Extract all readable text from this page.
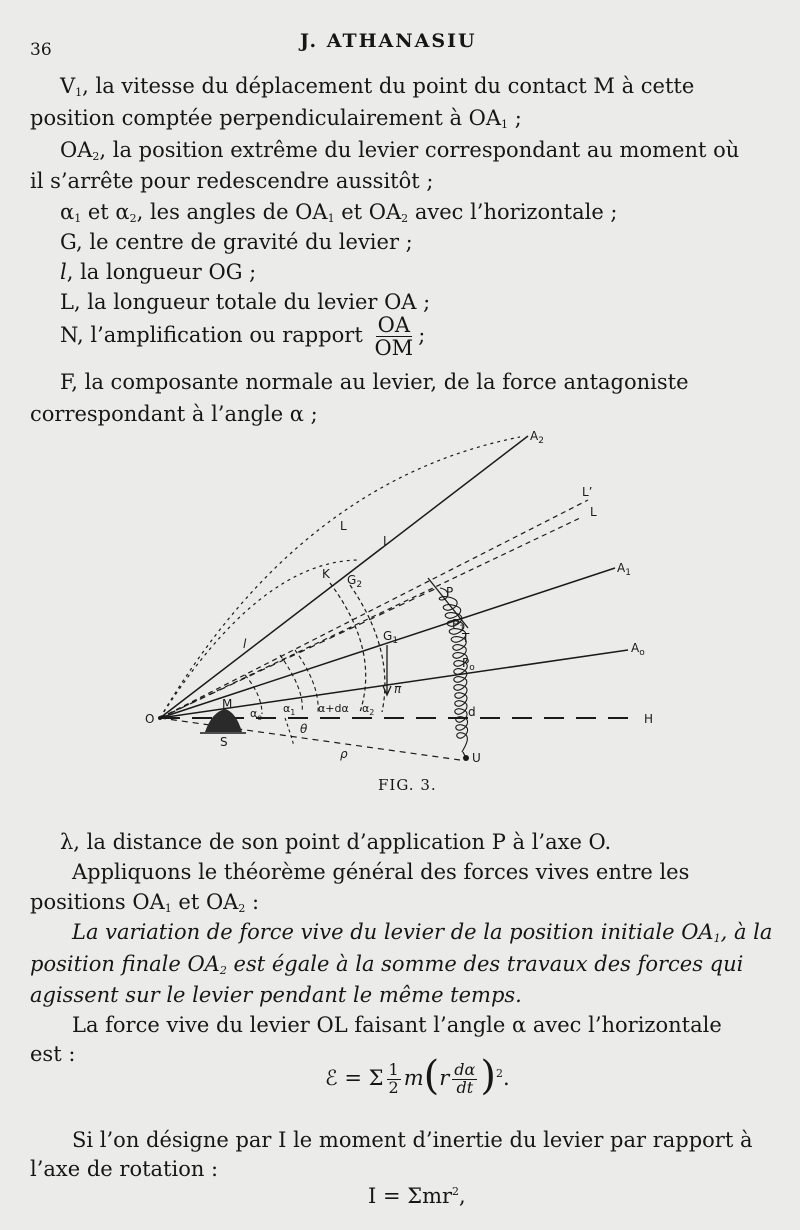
36	J. ATHANASIU
$V_1$, la vitesse du déplacement du point du contact M à cette
position comptée perpendiculairement à $OA_1$ ;
$OA_2$, la position extrême du levier correspondant au moment où
il s’arrête pour redescendre aussitôt ;
$\alpha_1$ et $\alpha_2$, les angles de $OA_1$ et $OA_2$ avec l’horizontale ;
G, le centre de gravité du levier ;
l, la longueur OG ;
L, la longueur totale du levier OA ;
N, l’amplification ou rapport $\frac{OA}{OM}$ ;
F, la composante normale au levier, de la force antagoniste
correspondant à l’angle α ;
O	H
$A_2$
$A_1$
$A_o$
L’
L
L
I
K $G_2$
$G_1$
P
$P_1$
T
$P_o$
d
U
M
S
ρ
π
θ
l
$\alpha_o$
$\alpha_1$ α+dα $\alpha_2$
FIG. 3.
λ, la distance de son point d’application P à l’axe O.
Appliquons le théorème général des forces vives entre les
positions $OA_1$ et $OA_2$ :
La variation de force vive du levier de la position initiale $OA_1$, à la
position finale $OA_2$ est égale à la somme des travaux des forces qui
agissent sur le levier pendant le même temps.
La force vive du levier OL faisant l’angle α avec l’horizontale
est :
ℰ = Σ $\frac{1}{2} m(r \frac{d\alpha}{dt} )^2$.
Si l’on désigne par I le moment d’inertie du levier par rapport à
l’axe de rotation :
I = Σmr$^2$,
